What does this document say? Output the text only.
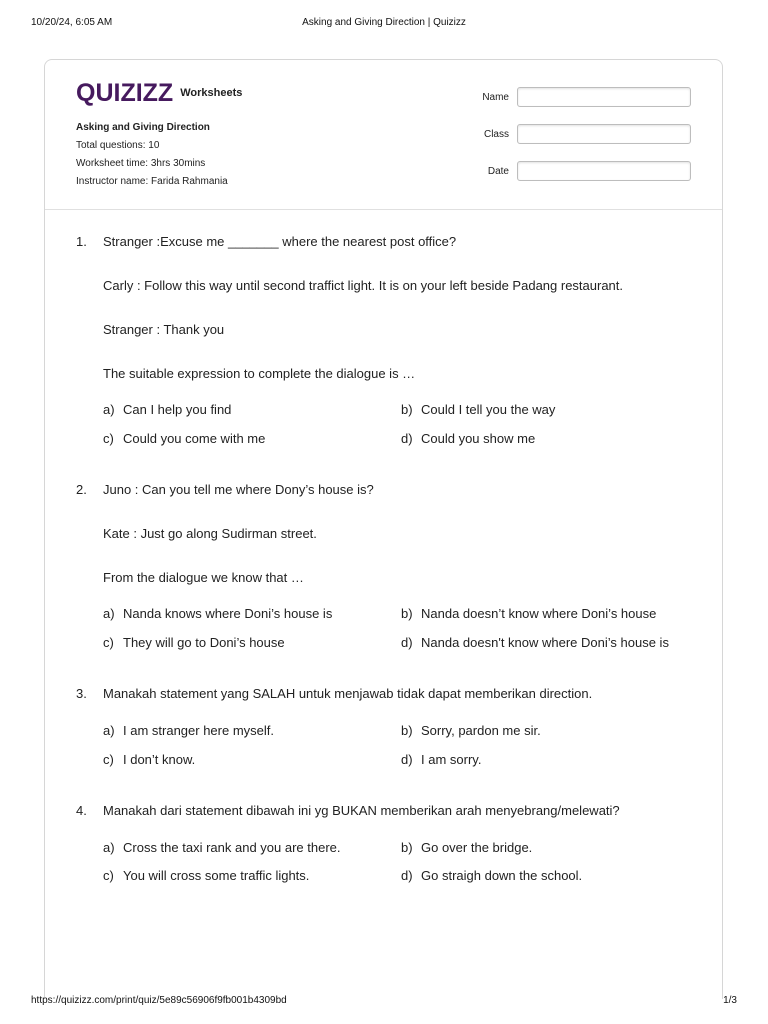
10/20/24, 6:05 AM	Asking and Giving Direction | Quizizz
QUIZIZZ Worksheets
Asking and Giving Direction
Total questions: 10
Worksheet time: 3hrs 30mins
Instructor name: Farida Rahmania
Name
Class
Date
1. Stranger :Excuse me _______ where the nearest post office?
Carly : Follow this way until second traffict light. It is on your left beside Padang restaurant.
Stranger : Thank you
The suitable expression to complete the dialogue is …
a) Can I help you find	b) Could I tell you the way
c) Could you come with me	d) Could you show me
2. Juno : Can you tell me where Dony’s house is?
Kate : Just go along Sudirman street.
From the dialogue we know that …
a) Nanda knows where Doni’s house is	b) Nanda doesn’t know where Doni’s house
c) They will go to Doni’s house	d) Nanda doesn't know where Doni’s house is
3. Manakah statement yang SALAH untuk menjawab tidak dapat memberikan direction.
a) I am stranger here myself.	b) Sorry, pardon me sir.
c) I don’t know.	d) I am sorry.
4. Manakah dari statement dibawah ini yg BUKAN memberikan arah menyebrang/melewati?
a) Cross the taxi rank and you are there.	b) Go over the bridge.
c) You will cross some traffic lights.	d) Go straigh down the school.
https://quizizz.com/print/quiz/5e89c56906f9fb001b4309bd	1/3
